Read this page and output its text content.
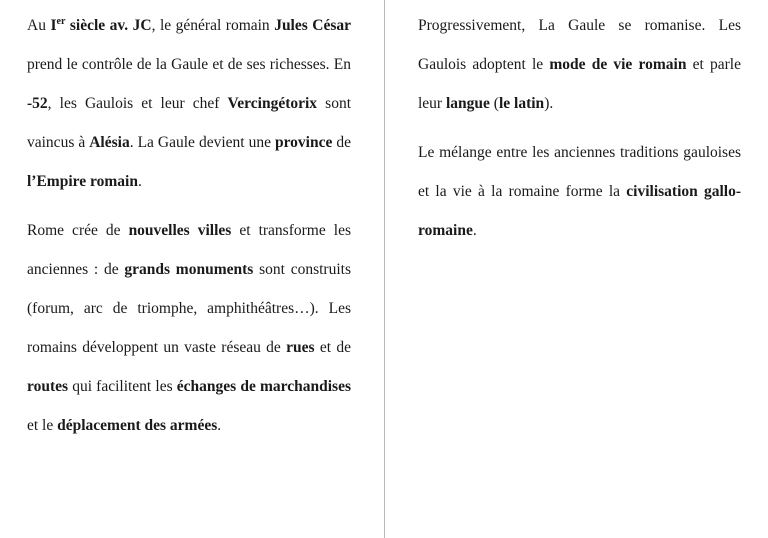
Au Ier siècle av. JC, le général romain Jules César prend le contrôle de la Gaule et de ses richesses. En -52, les Gaulois et leur chef Vercingétorix sont vaincus à Alésia. La Gaule devient une province de l’Empire romain.

Rome crée de nouvelles villes et transforme les anciennes : de grands monuments sont construits (forum, arc de triomphe, amphithéâtres…). Les romains développent un vaste réseau de rues et de routes qui facilitent les échanges de marchandises et le déplacement des armées.

Progressivement, La Gaule se romanise. Les Gaulois adoptent le mode de vie romain et parle leur langue (le latin).

Le mélange entre les anciennes traditions gauloises et la vie à la romaine forme la civilisation gallo-romaine.
